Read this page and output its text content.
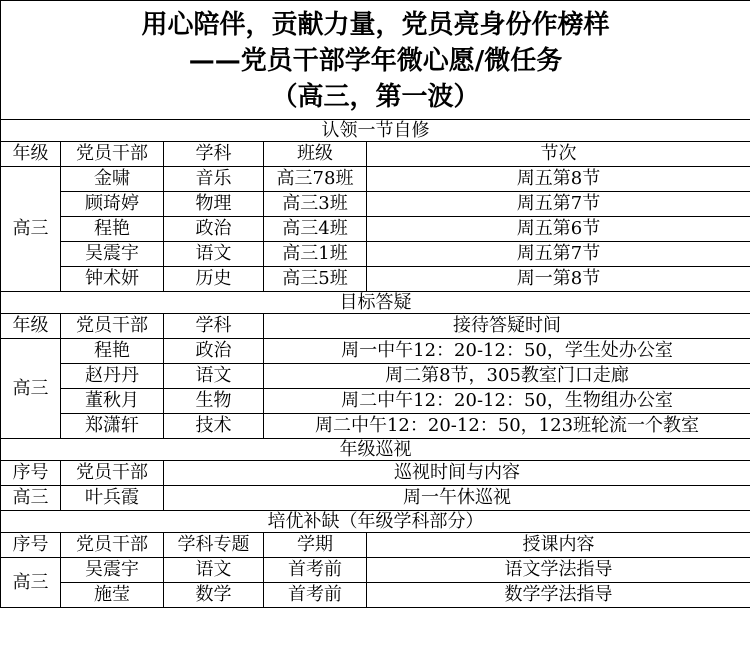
用心陪伴，贡献力量，党员亮身份作榜样
——党员干部学年微心愿/微任务
（高三，第一波）				

认领一节自修				
年级	党员干部	学科	班级	节次
高三	金啸	音乐	高三78班	周五第8节
	顾琦婷	物理	高三3班	周五第7节
	程艳	政治	高三4班	周五第6节
	吴震宇	语文	高三1班	周五第7节
	钟术妍	历史	高三5班	周一第8节
目标答疑				
年级	党员干部	学科	接待答疑时间	
高三	程艳	政治	周一中午12：20-12：50，学生处办公室	
	赵丹丹	语文	周二第8节，305教室门口走廊	
	董秋月	生物	周二中午12：20-12：50，生物组办公室	
	郑潇轩	技术	周二中午12：20-12：50，123班轮流一个教室	
年级巡视				
序号	党员干部	巡视时间与内容		
高三	叶兵霞	周一午休巡视		
培优补缺（年级学科部分）				
序号	党员干部	学科专题	学期	授课内容
高三	吴震宇	语文	首考前	语文学法指导
	施莹	数学	首考前	数学学法指导
